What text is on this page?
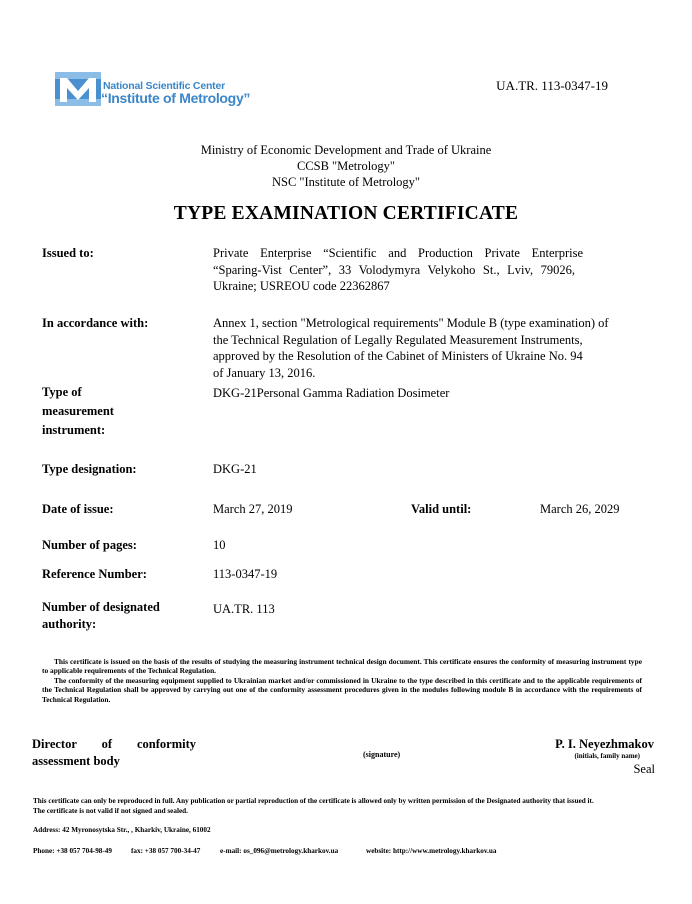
National Scientific Center
“Institute of Metrology”
UA.TR. 113-0347-19
Ministry of Economic Development and Trade of Ukraine
CCSB "Metrology"
NSC "Institute of Metrology"
TYPE EXAMINATION CERTIFICATE
Issued to:	Private Enterprise “Scientific and Production Private Enterprise
“Sparing-Vist Center”, 33 Volodymyra Velykoho St., Lviv, 79026,
Ukraine; USREOU code 22362867
In accordance with:	Annex 1, section "Metrological requirements" Module B (type examination) of
the Technical Regulation of Legally Regulated Measurement Instruments,
approved by the Resolution of the Cabinet of Ministers of Ukraine No. 94
of January 13, 2016.
Type of
measurement
instrument:
DKG-21Personal Gamma Radiation Dosimeter
Type designation:	DKG-21
Date of issue:	March 27, 2019	Valid until:	March 26, 2029
Number of pages:	10
Reference Number:	113-0347-19
Number of designated
authority:
UA.TR. 113
This certificate is issued on the basis of the results of studying the measuring instrument technical design document. This certificate ensures the conformity of measuring instrument type to applicable requirements of the Technical Regulation.
The conformity of the measuring equipment supplied to Ukrainian market and/or commissioned in Ukraine to the type described in this certificate and to the applicable requirements of the Technical Regulation shall be approved by carrying out one of the conformity assessment procedures given in the modules following module B in accordance with the requirements of Technical Regulation.
Director of conformity assessment body	(signature)
P. I. Neyezhmakov
(initials, family name)
Seal
This certificate can only be reproduced in full. Any publication or partial reproduction of the certificate is allowed only by written permission of the Designated authority that issued it.
The certificate is not valid if not signed and sealed.
Address: 42 Myronosytska Str., , Kharkiv, Ukraine, 61002
Phone: +38 057 704-98-49	fax: +38 057 700-34-47	e-mail: os_096@metrology.kharkov.ua	website: http://www.metrology.kharkov.ua
